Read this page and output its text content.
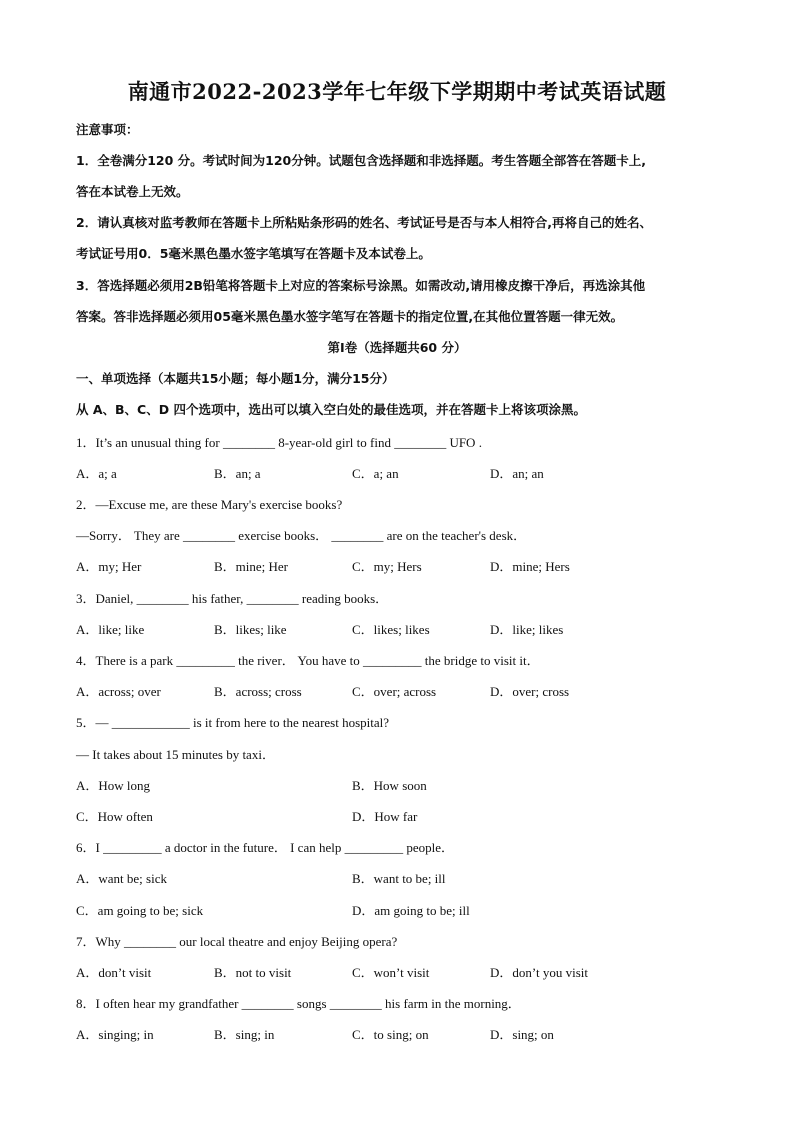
南通市2022-2023学年七年级下学期期中考试英语试题
注意事项：
1．全卷满分120 分。考试时间为120分钟。试题包含选择题和非选择题。考生答题全部答在答题卡上,
答在本试卷上无效。
2．请认真核对监考教师在答题卡上所粘贴条形码的姓名、考试证号是否与本人相符合,再将自己的姓名、
考试证号用0．5毫米黑色墨水签字笔填写在答题卡及本试卷上。
3．答选择题必须用2B铅笔将答题卡上对应的答案标号涂黑。如需改动,请用橡皮擦干净后，再选涂其他
答案。答非选择题必须用05毫米黑色墨水签字笔写在答题卡的指定位置,在其他位置答题一律无效。
第I卷（选择题共60 分）
一、单项选择（本题共15小题；每小题1分，满分15分）
从 A、B、C、D 四个选项中，选出可以填入空白处的最佳选项，并在答题卡上将该项涂黑。
1．It’s an unusual thing for ________ 8-year-old girl to find ________ UFO .
A．a; a	B．an; a	C．a; an	D．an; an
2．—Excuse me, are these Mary's exercise books?
—Sorry． They are ________ exercise books． ________ are on the teacher's desk．
A．my; Her	B．mine; Her	C．my; Hers	D．mine; Hers
3．Daniel, ________ his father, ________ reading books．
A．like; like	B．likes; like	C．likes; likes	D．like; likes
4．There is a park _________ the river． You have to _________ the bridge to visit it．
A．across; over	B．across; cross	C．over; across	D．over; cross
5．— ____________ is it from here to the nearest hospital?
— It takes about 15 minutes by taxi．
A．How long	B．How soon
C．How often	D．How far
6．I _________ a doctor in the future． I can help _________ people．
A．want be; sick	B．want to be; ill
C．am going to be; sick	D．am going to be; ill
7．Why ________ our local theatre and enjoy Beijing opera?
A．don’t visit	B．not to visit	C．won’t visit	D．don’t you visit
8．I often hear my grandfather ________ songs ________ his farm in the morning．
A．singing; in	B．sing; in	C．to sing; on	D．sing; on
